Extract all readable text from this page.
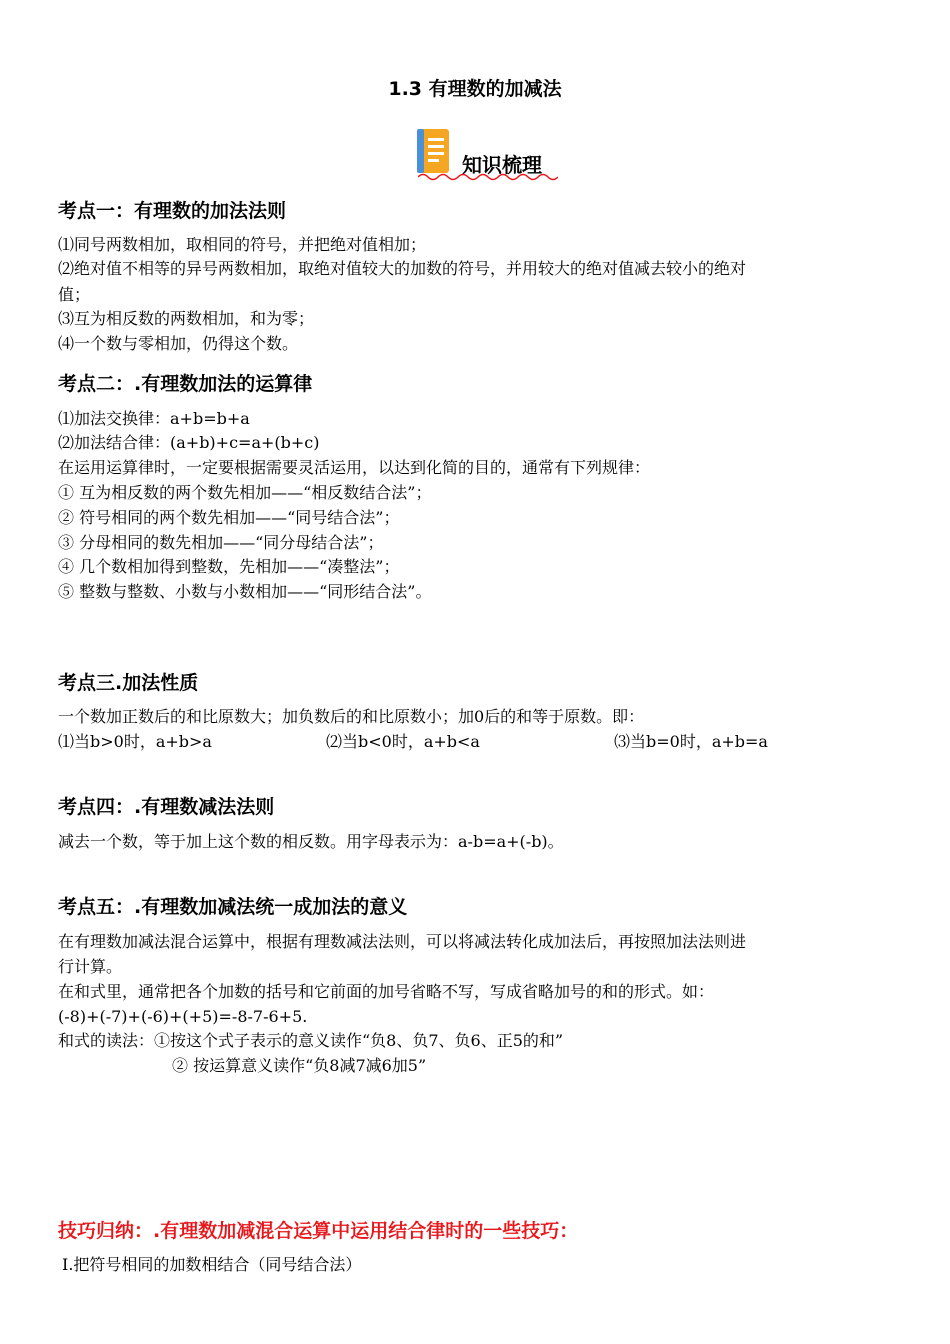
1.3 有理数的加减法
知识梳理
考点一：有理数的加法法则
⑴同号两数相加，取相同的符号，并把绝对值相加；
⑵绝对值不相等的异号两数相加，取绝对值较大的加数的符号，并用较大的绝对值减去较小的绝对
值；
⑶互为相反数的两数相加，和为零；
⑷一个数与零相加，仍得这个数。
考点二：.有理数加法的运算律
⑴加法交换律：a+b=b+a
⑵加法结合律：(a+b)+c=a+(b+c)
在运用运算律时，一定要根据需要灵活运用，以达到化简的目的，通常有下列规律：
① 互为相反数的两个数先相加——“相反数结合法”；
② 符号相同的两个数先相加——“同号结合法”；
③ 分母相同的数先相加——“同分母结合法”；
④ 几个数相加得到整数，先相加——“凑整法”；
⑤ 整数与整数、小数与小数相加——“同形结合法”。
考点三.加法性质
一个数加正数后的和比原数大；加负数后的和比原数小；加0后的和等于原数。即：
⑴当b>0时，a+b>a	⑵当b<0时，a+b<a	⑶当b=0时，a+b=a
考点四：.有理数减法法则
减去一个数，等于加上这个数的相反数。用字母表示为：a-b=a+(-b)。
考点五：.有理数加减法统一成加法的意义
在有理数加减法混合运算中，根据有理数减法法则，可以将减法转化成加法后，再按照加法法则进
行计算。
在和式里，通常把各个加数的括号和它前面的加号省略不写，写成省略加号的和的形式。如：
(-8)+(-7)+(-6)+(+5)=-8-7-6+5.
和式的读法：①按这个式子表示的意义读作“负8、负7、负6、正5的和”
② 按运算意义读作“负8减7减6加5”
技巧归纳：.有理数加减混合运算中运用结合律时的一些技巧：
Ⅰ.把符号相同的加数相结合（同号结合法）
